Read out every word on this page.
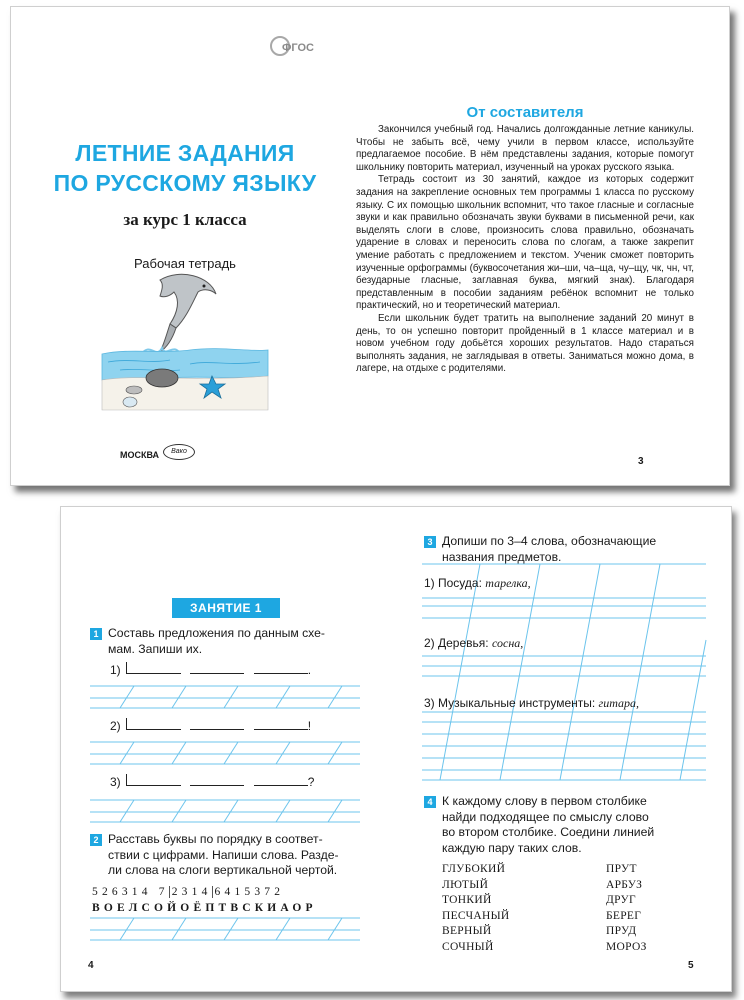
ФГОС
ЛЕТНИЕ ЗАДАНИЯ
ПО РУССКОМУ ЯЗЫКУ
за курс 1 класса
Рабочая тетрадь
МОСКВА	Вако
От составителя

Закончился учебный год. Начались долгожданные летние каникулы. Чтобы не забыть всё, чему учили в первом классе, используйте предлагаемое пособие. В нём представлены задания, которые помогут школьнику повторить материал, изученный на уроках русского языка.

Тетрадь состоит из 30 занятий, каждое из которых содержит задания на закрепление основных тем программы 1 класса по русскому языку. С их помощью школьник вспомнит, что такое гласные и согласные звуки и как правильно обозначать звуки буквами в письменной речи, как выделять слоги в слове, произносить слова правильно, обозначать ударение в словах и переносить слова по слогам, а также закрепит умение работать с предложением и текстом. Ученик сможет повторить изученные орфограммы (буквосочетания жи–ши, ча–ща, чу–щу, чк, чн, чт, безударные гласные, заглавная буква, мягкий знак). Благодаря представленным в пособии заданиям ребёнок вспомнит не только практический, но и теоретический материал.

Если школьник будет тратить на выполнение заданий 20 минут в день, то он успешно повторит пройденный в 1 классе материал и в новом учебном году добьётся хороших результатов. Надо стараться выполнять задания, не заглядывая в ответы. Заниматься можно дома, в лагере, на отдыхе с родителями.

3
ЗАНЯТИЕ 1
1 Составь предложения по данным схе-
мам. Запиши их.
1)	.
2)	!
3)	?
2 Расставь буквы по порядку в соответ-
ствии с цифрами. Напиши слова. Разде-
ли слова на слоги вертикальной чертой.
526314 7 2314 6415372
ВОЕЛСОЙОЁПТВСКИАОР
4
3 Допиши по 3–4 слова, обозначающие
названия предметов.
1) Посуда: тарелка,
2) Деревья: сосна,
3) Музыкальные инструменты: гитара,
4 К каждому слову в первом столбике
найди подходящее по смыслу слово
во втором столбике. Соедини линией
каждую пару таких слов.
ГЛУБОКИЙ
ЛЮТЫЙ
ТОНКИЙ
ПЕСЧАНЫЙ
ВЕРНЫЙ
СОЧНЫЙ
ПРУТ
АРБУЗ
ДРУГ
БЕРЕГ
ПРУД
МОРОЗ
5
